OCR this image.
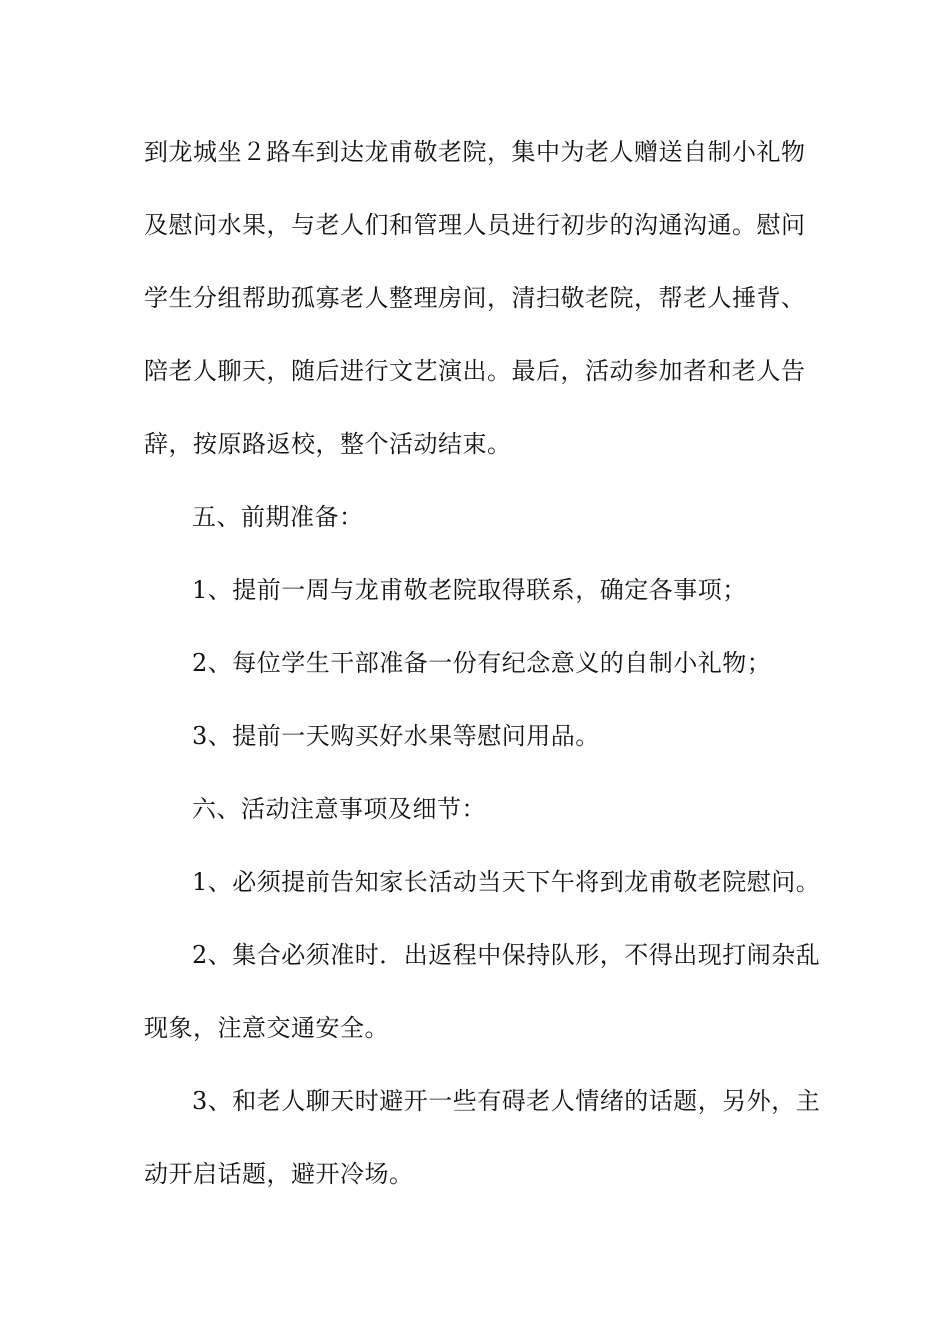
到龙城坐２路车到达龙甫敬老院，集中为老人赠送自制小礼物
及慰问水果，与老人们和管理人员进行初步的沟通沟通。慰问
学生分组帮助孤寡老人整理房间，清扫敬老院，帮老人捶背、
陪老人聊天，随后进行文艺演出。最后，活动参加者和老人告
辞，按原路返校，整个活动结束。
五、前期准备：
1、提前一周与龙甫敬老院取得联系，确定各事项；
2、每位学生干部准备一份有纪念意义的自制小礼物；
3、提前一天购买好水果等慰问用品。
六、活动注意事项及细节：
1、必须提前告知家长活动当天下午将到龙甫敬老院慰问。
2、集合必须准时．出返程中保持队形，不得出现打闹杂乱
现象，注意交通安全。
3、和老人聊天时避开一些有碍老人情绪的话题，另外，主
动开启话题，避开冷场。
